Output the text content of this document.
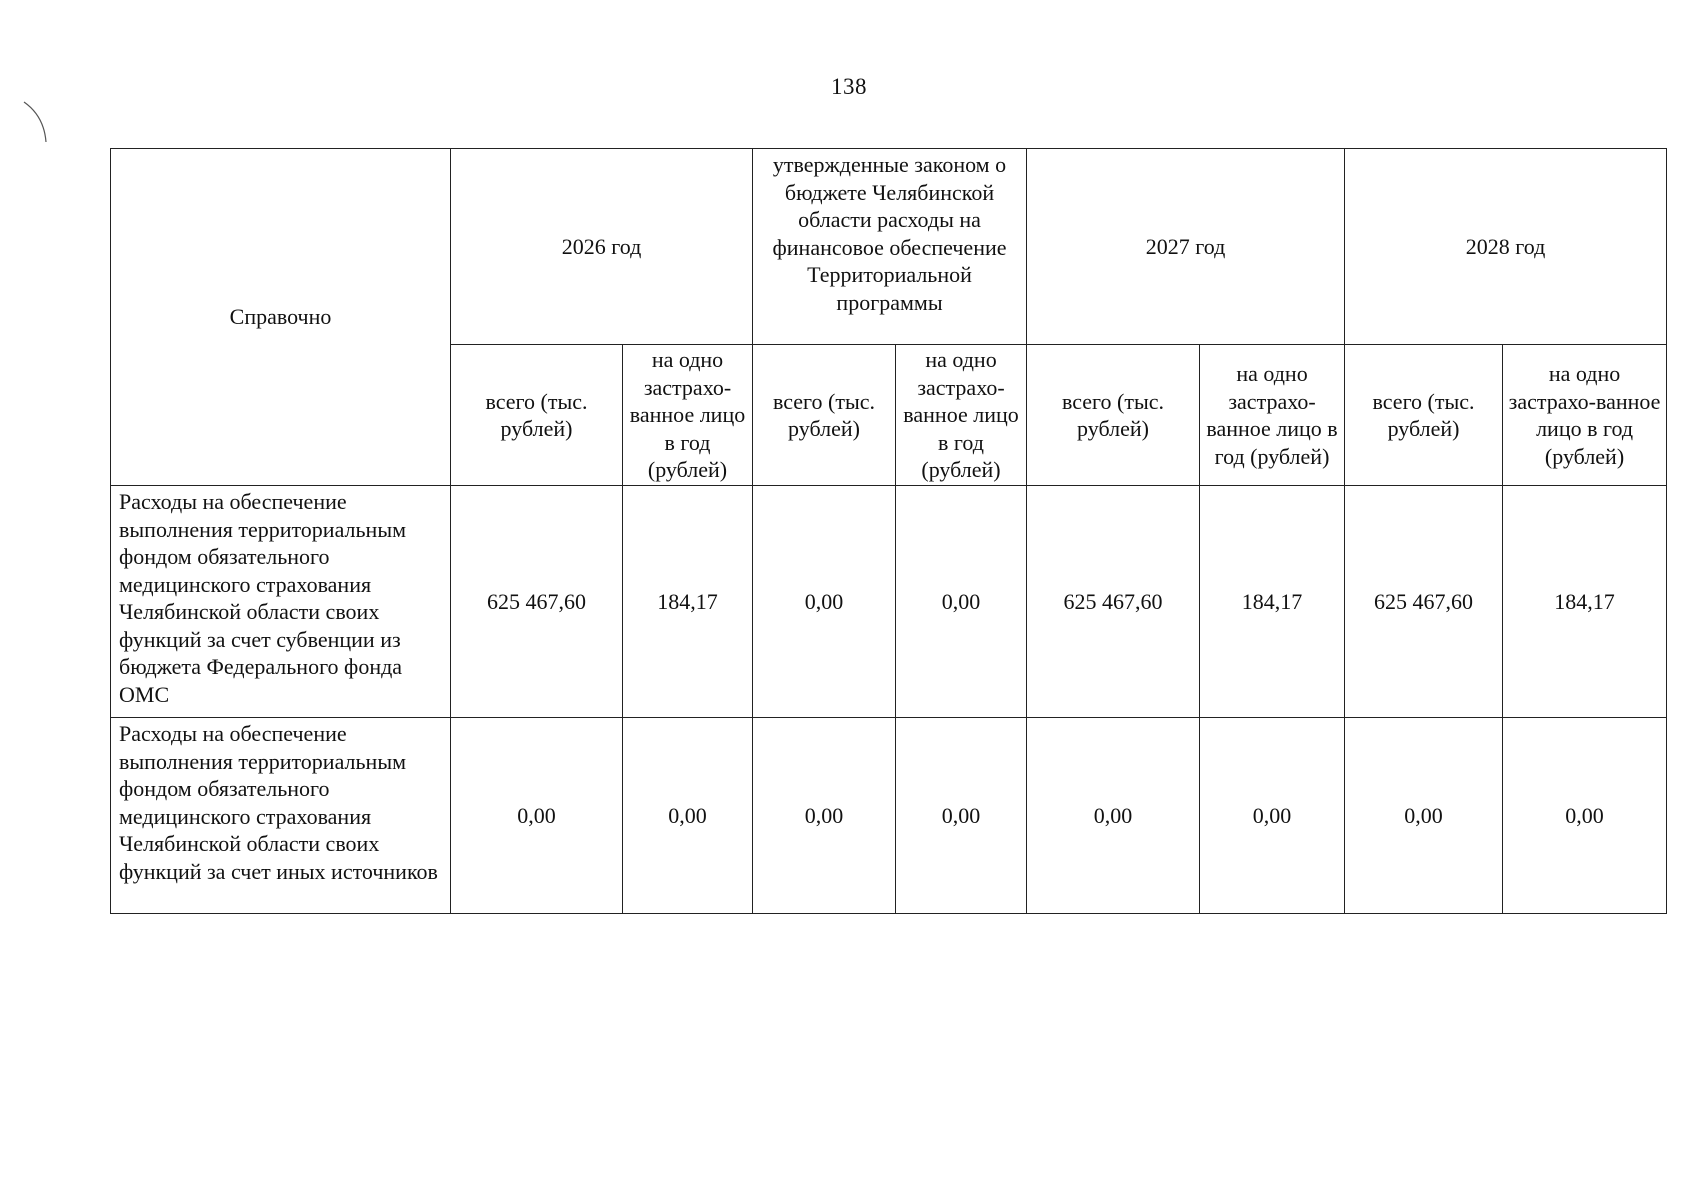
138
Справочно	2026 год		утвержденные законом о бюджете Челябинской области расходы на финансовое обеспечение Территориальной программы		2027 год		2028 год	
	всего (тыс. рублей)	на одно застрахо-ванное лицо в год (рублей)	всего (тыс. рублей)	на одно застрахо-ванное лицо в год (рублей)	всего (тыс. рублей)	на одно застрахо-ванное лицо в год (рублей)	всего (тыс. рублей)	на одно застрахо-ванное лицо в год (рублей)
Расходы на обеспечение выполнения территориальным фондом обязательного медицинского страхования Челябинской области своих функций за счет субвенции из бюджета Федерального фонда ОМС	625 467,60	184,17	0,00	0,00	625 467,60	184,17	625 467,60	184,17
Расходы на обеспечение выполнения территориальным фондом обязательного медицинского страхования Челябинской области своих функций за счет иных источников	0,00	0,00	0,00	0,00	0,00	0,00	0,00	0,00
